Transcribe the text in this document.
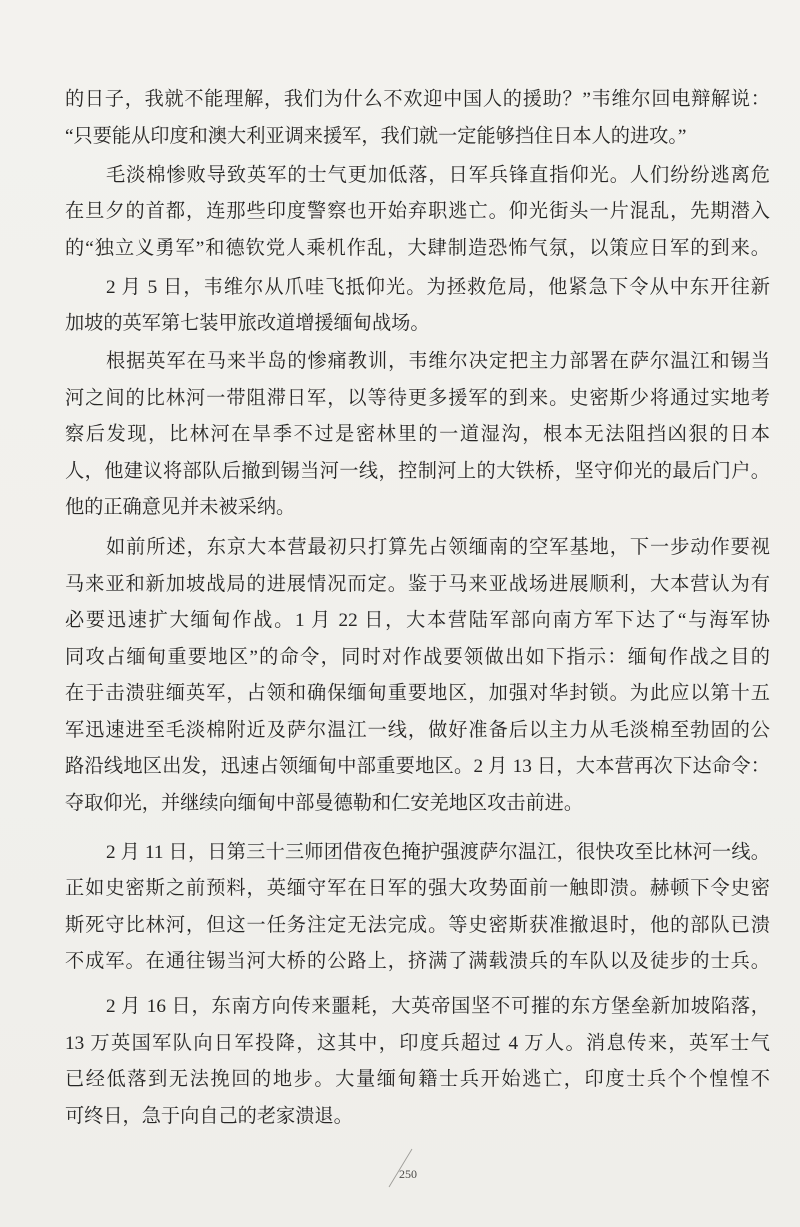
的日子，我就不能理解，我们为什么不欢迎中国人的援助？”韦维尔回电辩解说：
“只要能从印度和澳大利亚调来援军，我们就一定能够挡住日本人的进攻。”
毛淡棉惨败导致英军的士气更加低落，日军兵锋直指仰光。人们纷纷逃离危
在旦夕的首都，连那些印度警察也开始弃职逃亡。仰光街头一片混乱，先期潜入
的“独立义勇军”和德钦党人乘机作乱，大肆制造恐怖气氛，以策应日军的到来。
2 月 5 日，韦维尔从爪哇飞抵仰光。为拯救危局，他紧急下令从中东开往新
加坡的英军第七装甲旅改道增援缅甸战场。
根据英军在马来半岛的惨痛教训，韦维尔决定把主力部署在萨尔温江和锡当
河之间的比林河一带阻滞日军，以等待更多援军的到来。史密斯少将通过实地考
察后发现，比林河在旱季不过是密林里的一道湿沟，根本无法阻挡凶狠的日本
人，他建议将部队后撤到锡当河一线，控制河上的大铁桥，坚守仰光的最后门户。
他的正确意见并未被采纳。
如前所述，东京大本营最初只打算先占领缅南的空军基地，下一步动作要视
马来亚和新加坡战局的进展情况而定。鉴于马来亚战场进展顺利，大本营认为有
必要迅速扩大缅甸作战。1 月 22 日，大本营陆军部向南方军下达了“与海军协
同攻占缅甸重要地区”的命令，同时对作战要领做出如下指示：缅甸作战之目的
在于击溃驻缅英军，占领和确保缅甸重要地区，加强对华封锁。为此应以第十五
军迅速进至毛淡棉附近及萨尔温江一线，做好准备后以主力从毛淡棉至勃固的公
路沿线地区出发，迅速占领缅甸中部重要地区。2 月 13 日，大本营再次下达命令：
夺取仰光，并继续向缅甸中部曼德勒和仁安羌地区攻击前进。
2 月 11 日，日第三十三师团借夜色掩护强渡萨尔温江，很快攻至比林河一线。
正如史密斯之前预料，英缅守军在日军的强大攻势面前一触即溃。赫顿下令史密
斯死守比林河，但这一任务注定无法完成。等史密斯获准撤退时，他的部队已溃
不成军。在通往锡当河大桥的公路上，挤满了满载溃兵的车队以及徒步的士兵。
2 月 16 日，东南方向传来噩耗，大英帝国坚不可摧的东方堡垒新加坡陷落，
13 万英国军队向日军投降，这其中，印度兵超过 4 万人。消息传来，英军士气
已经低落到无法挽回的地步。大量缅甸籍士兵开始逃亡，印度士兵个个惶惶不
可终日，急于向自己的老家溃退。
250
